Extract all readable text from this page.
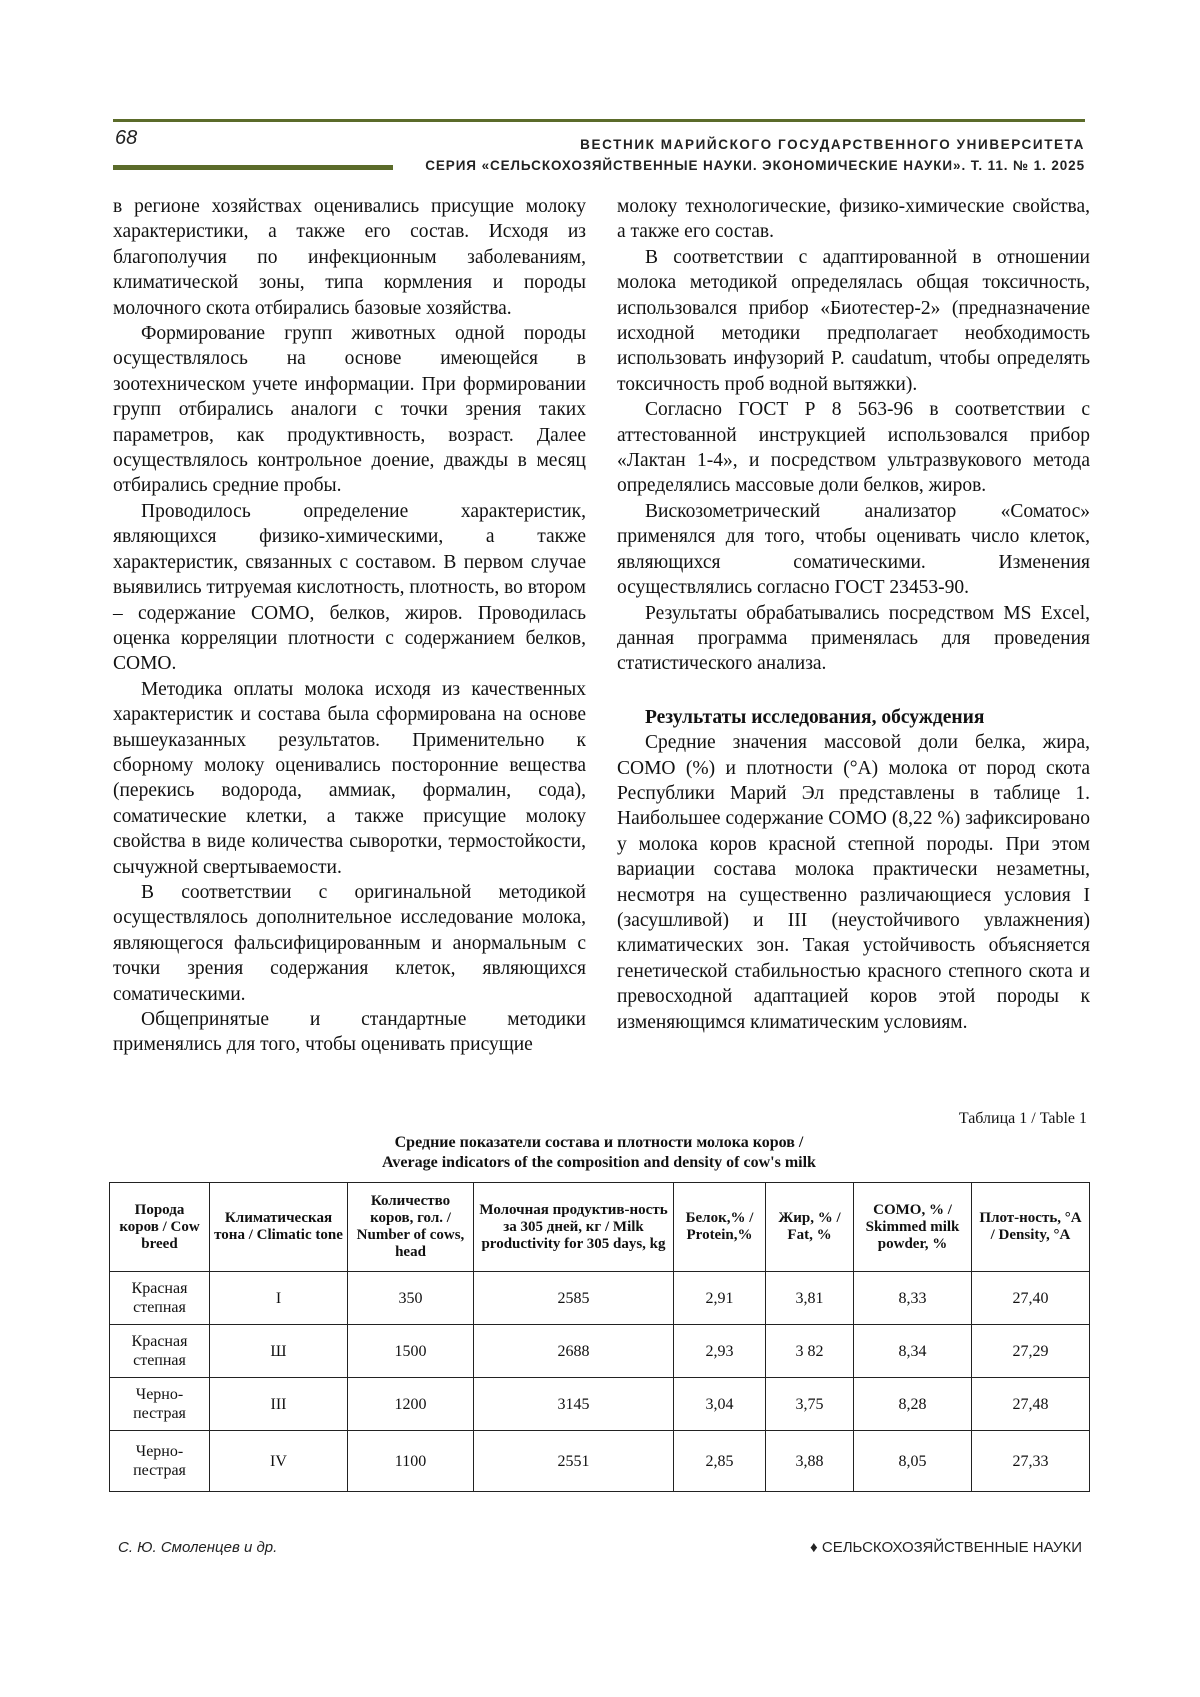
68	ВЕСТНИК МАРИЙСКОГО ГОСУДАРСТВЕННОГО УНИВЕРСИТЕТА
СЕРИЯ «СЕЛЬСКОХОЗЯЙСТВЕННЫЕ НАУКИ. ЭКОНОМИЧЕСКИЕ НАУКИ». Т. 11. № 1. 2025

в регионе хозяйствах оценивались присущие молоку характеристики, а также его состав. Исходя из благополучия по инфекционным заболеваниям, климатической зоны, типа кормления и породы молочного скота отбирались базовые хозяйства.

Формирование групп животных одной породы осуществлялось на основе имеющейся в зоотехническом учете информации. При формировании групп отбирались аналоги с точки зрения таких параметров, как продуктивность, возраст. Далее осуществлялось контрольное доение, дважды в месяц отбирались средние пробы.

Проводилось определение характеристик, являющихся физико-химическими, а также характеристик, связанных с составом. В первом случае выявились титруемая кислотность, плотность, во втором – содержание СОМО, белков, жиров. Проводилась оценка корреляции плотности с содержанием белков, СОМО.

Методика оплаты молока исходя из качественных характеристик и состава была сформирована на основе вышеуказанных результатов. Применительно к сборному молоку оценивались посторонние вещества (перекись водорода, аммиак, формалин, сода), соматические клетки, а также присущие молоку свойства в виде количества сыворотки, термостойкости, сычужной свертываемости.

В соответствии с оригинальной методикой осуществлялось дополнительное исследование молока, являющегося фальсифицированным и анормальным с точки зрения содержания клеток, являющихся соматическими.

Общепринятые и стандартные методики применялись для того, чтобы оценивать присущие

молоку технологические, физико-химические свойства, а также его состав.

В соответствии с адаптированной в отношении молока методикой определялась общая токсичность, использовался прибор «Биотестер-2» (предназначение исходной методики предполагает необходимость использовать инфузорий P. caudatum, чтобы определять токсичность проб водной вытяжки).

Согласно ГОСТ Р 8 563-96 в соответствии с аттестованной инструкцией использовался прибор «Лактан 1-4», и посредством ультразвукового метода определялись массовые доли белков, жиров.

Вискозометрический анализатор «Соматос» применялся для того, чтобы оценивать число клеток, являющихся соматическими. Изменения осуществлялись согласно ГОСТ 23453-90.

Результаты обрабатывались посредством MS Excel, данная программа применялась для проведения статистического анализа.

Результаты исследования, обсуждения

Средние значения массовой доли белка, жира, СОМО (%) и плотности (°А) молока от пород скота Республики Марий Эл представлены в таблице 1. Наибольшее содержание СОМО (8,22 %) зафиксировано у молока коров красной степной породы. При этом вариации состава молока практически незаметны, несмотря на существенно различающиеся условия I (засушливой) и III (неустойчивого увлажнения) климатических зон. Такая устойчивость объясняется генетической стабильностью красного степного скота и превосходной адаптацией коров этой породы к изменяющимся климатическим условиям.

Таблица 1 / Table 1
Средние показатели состава и плотности молока коров /
Average indicators of the composition and density of cow's milk
Порода коров / Cow breed	Климатическая тона / Climatic tone	Количество коров, гол. / Number of cows, head	Молочная продуктив-ность за 305 дней, кг / Milk productivity for 305 days, kg	Белок,% / Protein,%	Жир, % / Fat, %	СОМО, % / Skimmed milk powder, %	Плот-ность, °А / Density, °А
Красная степная	I	350	2585	2,91	3,81	8,33	27,40
Красная степная	Ш	1500	2688	2,93	3 82	8,34	27,29
Черно-пестрая	III	1200	3145	3,04	3,75	8,28	27,48
Черно-пестрая	IV	1100	2551	2,85	3,88	8,05	27,33
С. Ю. Смоленцев и др.	♦ СЕЛЬСКОХОЗЯЙСТВЕННЫЕ НАУКИ
